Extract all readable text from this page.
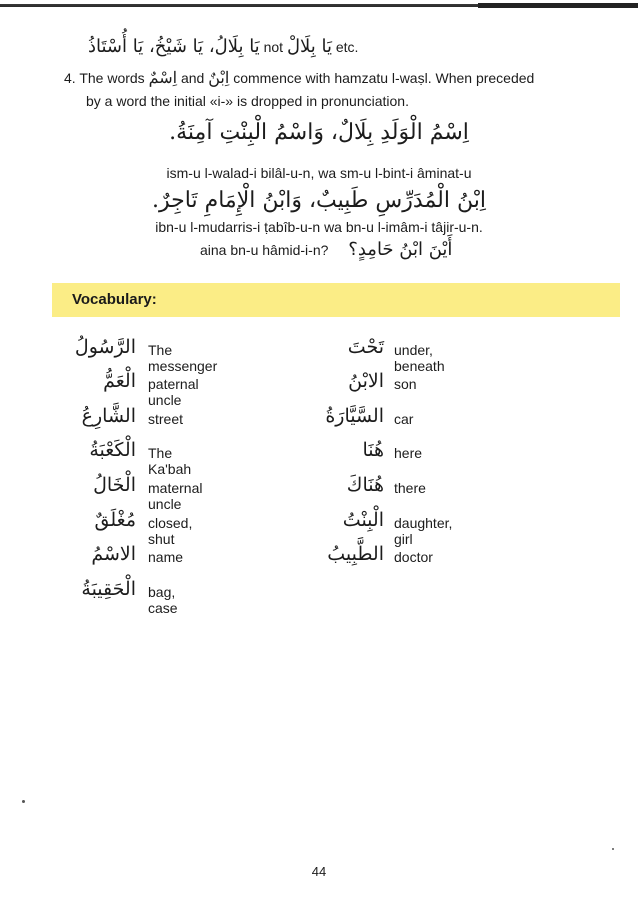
يَا بِلَالُ، يَا شَيْخُ، يَا أُسْتَاذُ not يَا بِلَالْ etc.
4. The words اِسْمٌ and اِبْنٌ commence with hamzatu l-waṣl. When preceded
by a word the initial «i-» is dropped in pronunciation.
اِسْمُ الْوَلَدِ بِلَالٌ، وَاسْمُ الْبِنْتِ آمِنَةُ.
ism-u l-walad-i bilâl-u-n, wa sm-u l-bint-i âminat-u
اِبْنُ الْمُدَرِّسِ طَبِيبٌ، وَابْنُ الْإِمَامِ تَاجِرٌ.
ibn-u l-mudarris-i ṭabîb-u-n wa bn-u l-imâm-i tâjir-u-n.
aina bn-u hâmid-i-n? أَيْنَ ابْنُ حَامِدٍ؟
Vocabulary:
الرَّسُولُ The messenger
الْعَمُّ paternal uncle
الشَّارِعُ street
الْكَعْبَةُ The Ka'bah
الْخَالُ maternal uncle
مُغْلَقٌ closed, shut
الاسْمُ name
الْحَقِيبَةُ bag, case
تَحْتَ under, beneath
الابْنُ son
السَّيَّارَةُ car
هُنَا here
هُنَاكَ there
الْبِنْتُ daughter, girl
الطَّبِيبُ doctor
44
